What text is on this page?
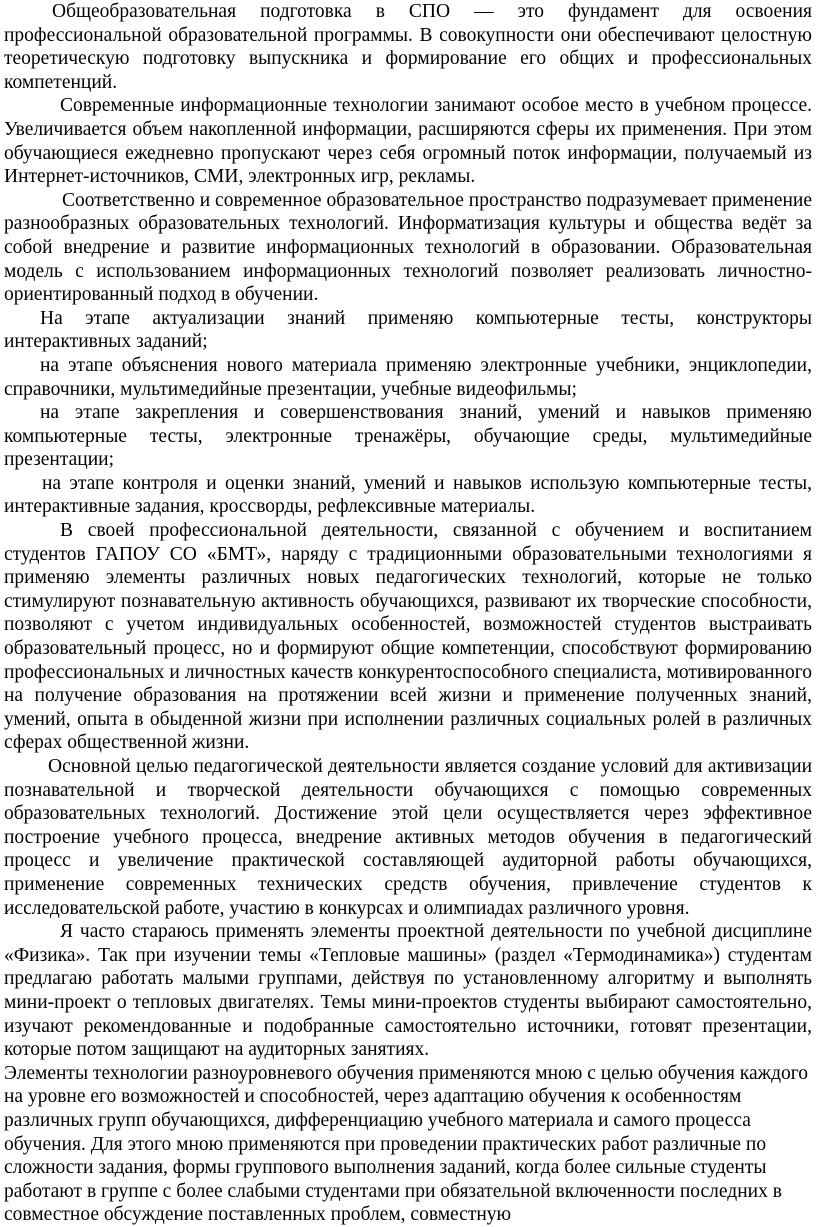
Общеобразовательная подготовка в СПО — это фундамент для освоения профессиональной образовательной программы. В совокупности они обеспечивают целостную теоретическую подготовку выпускника и формирование его общих и профессиональных компетенций.

Современные информационные технологии занимают особое место в учебном процессе. Увеличивается объем накопленной информации, расширяются сферы их применения. При этом обучающиеся ежедневно пропускают через себя огромный поток информации, получаемый из Интернет-источников, СМИ, электронных игр, рекламы.

Соответственно и современное образовательное пространство подразумевает применение разнообразных образовательных технологий. Информатизация культуры и общества ведёт за собой внедрение и развитие информационных технологий в образовании. Образовательная модель с использованием информационных технологий позволяет реализовать личностно-ориентированный подход в обучении.

На этапе актуализации знаний применяю компьютерные тесты, конструкторы интерактивных заданий;

на этапе объяснения нового материала применяю электронные учебники, энциклопедии, справочники, мультимедийные презентации, учебные видеофильмы;

на этапе закрепления и совершенствования знаний, умений и навыков применяю компьютерные тесты, электронные тренажёры, обучающие среды, мультимедийные презентации;

на этапе контроля и оценки знаний, умений и навыков использую компьютерные тесты, интерактивные задания, кроссворды, рефлексивные материалы.

В своей профессиональной деятельности, связанной с обучением и воспитанием студентов ГАПОУ СО «БМТ», наряду с традиционными образовательными технологиями я применяю элементы различных новых педагогических технологий, которые не только стимулируют познавательную активность обучающихся, развивают их творческие способности, позволяют с учетом индивидуальных особенностей, возможностей студентов выстраивать образовательный процесс, но и формируют общие компетенции, способствуют формированию профессиональных и личностных качеств конкурентоспособного специалиста, мотивированного на получение образования на протяжении всей жизни и применение полученных знаний, умений, опыта в обыденной жизни при исполнении различных социальных ролей в различных сферах общественной жизни.

Основной целью педагогической деятельности является создание условий для активизации познавательной и творческой деятельности обучающихся с помощью современных образовательных технологий. Достижение этой цели осуществляется через эффективное построение учебного процесса, внедрение активных методов обучения в педагогический процесс и увеличение практической составляющей аудиторной работы обучающихся, применение современных технических средств обучения, привлечение студентов к исследовательской работе, участию в конкурсах и олимпиадах различного уровня.

Я часто стараюсь применять элементы проектной деятельности по учебной дисциплине «Физика». Так при изучении темы «Тепловые машины» (раздел «Термодинамика») студентам предлагаю работать малыми группами, действуя по установленному алгоритму и выполнять мини-проект о тепловых двигателях. Темы мини-проектов студенты выбирают самостоятельно, изучают рекомендованные и подобранные самостоятельно источники, готовят презентации, которые потом защищают на аудиторных занятиях.

Элементы технологии разноуровневого обучения применяются мною с целью обучения каждого на уровне его возможностей и способностей, через адаптацию обучения к особенностям различных групп обучающихся, дифференциацию учебного материала и самого процесса обучения. Для этого мною применяются при проведении практических работ различные по сложности задания, формы группового выполнения заданий, когда более сильные студенты работают в группе с более слабыми студентами при обязательной включенности последних в совместное обсуждение поставленных проблем, совместную
